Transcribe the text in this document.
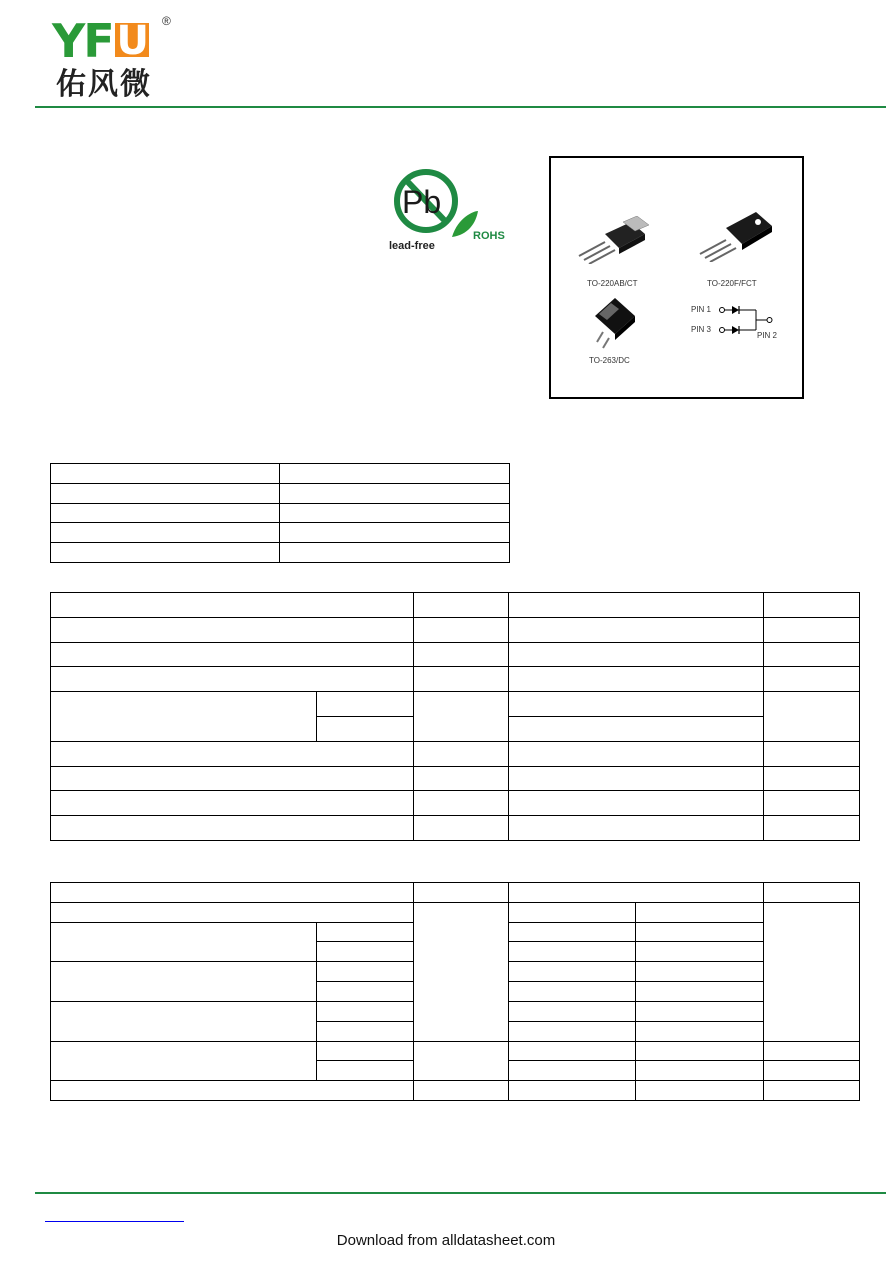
YFU ®
佑风微
Pb
lead-free
ROHS
TO-220AB/CT	TO-220F/FCT
TO-263/DC
PIN 1
PIN 3
PIN 2

Download from alldatasheet.com
